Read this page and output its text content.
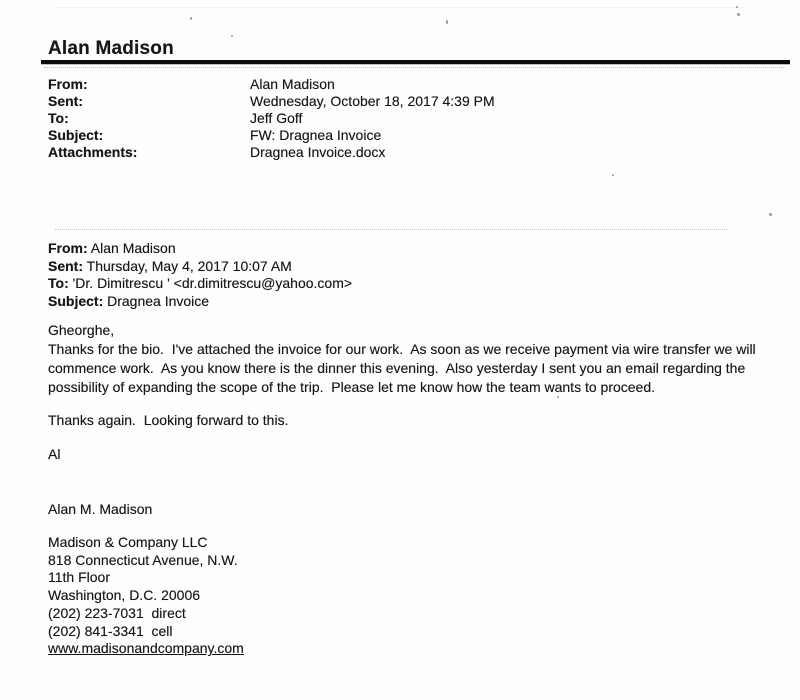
Alan Madison
From:	Alan Madison
Sent:	Wednesday, October 18, 2017 4:39 PM
To:	Jeff Goff
Subject:	FW: Dragnea Invoice
Attachments:	Dragnea Invoice.docx
From: Alan Madison
Sent: Thursday, May 4, 2017 10:07 AM
To: 'Dr. Dimitrescu ' <dr.dimitrescu@yahoo.com>
Subject: Dragnea Invoice
Gheorghe,
Thanks for the bio.  I've attached the invoice for our work.  As soon as we receive payment via wire transfer we will
commence work.  As you know there is the dinner this evening.  Also yesterday I sent you an email regarding the
possibility of expanding the scope of the trip.  Please let me know how the team wants to proceed.
Thanks again.  Looking forward to this.
Al
Alan M. Madison
Madison & Company LLC
818 Connecticut Avenue, N.W.
11th Floor
Washington, D.C. 20006
(202) 223-7031  direct
(202) 841-3341  cell
www.madisonandcompany.com
